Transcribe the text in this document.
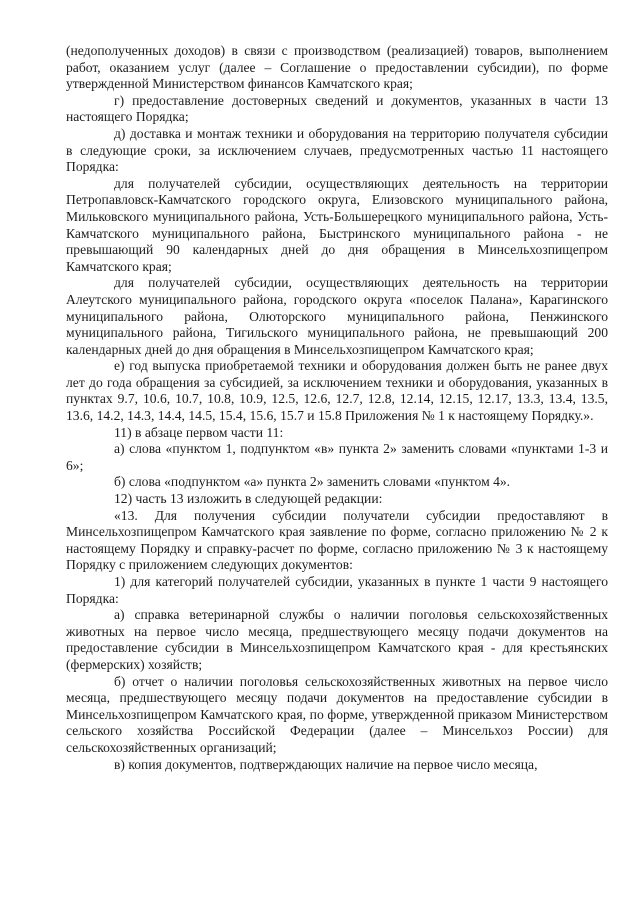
(недополученных доходов) в связи с производством (реализацией) товаров, выполнением работ, оказанием услуг (далее – Соглашение о предоставлении субсидии), по форме утвержденной Министерством финансов Камчатского края;

г) предоставление достоверных сведений и документов, указанных в части 13 настоящего Порядка;

д) доставка и монтаж техники и оборудования на территорию получателя субсидии в следующие сроки, за исключением случаев, предусмотренных частью 11 настоящего Порядка:

для получателей субсидии, осуществляющих деятельность на территории Петропавловск-Камчатского городского округа, Елизовского муниципального района, Мильковского муниципального района, Усть-Большерецкого муниципального района, Усть-Камчатского муниципального района, Быстринского муниципального района - не превышающий 90 календарных дней до дня обращения в Минсельхозпищепром Камчатского края;

для получателей субсидии, осуществляющих деятельность на территории Алеутского муниципального района, городского округа «поселок Палана», Карагинского муниципального района, Олюторского муниципального района, Пенжинского муниципального района, Тигильского муниципального района, не превышающий 200 календарных дней до дня обращения в Минсельхозпищепром Камчатского края;

е) год выпуска приобретаемой техники и оборудования должен быть не ранее двух лет до года обращения за субсидией, за исключением техники и оборудования, указанных в пунктах 9.7, 10.6, 10.7, 10.8, 10.9, 12.5, 12.6, 12.7, 12.8, 12.14, 12.15, 12.17, 13.3, 13.4, 13.5, 13.6, 14.2, 14.3, 14.4, 14.5, 15.4, 15.6, 15.7 и 15.8 Приложения № 1 к настоящему Порядку.».

11) в абзаце первом части 11:

а) слова «пунктом 1, подпунктом «в» пункта 2» заменить словами «пунктами 1-3 и 6»;

б) слова «подпунктом «а» пункта 2» заменить словами «пунктом 4».

12) часть 13 изложить в следующей редакции:

«13. Для получения субсидии получатели субсидии предоставляют в Минсельхозпищепром Камчатского края заявление по форме, согласно приложению № 2 к настоящему Порядку и справку-расчет по форме, согласно приложению № 3 к настоящему Порядку с приложением следующих документов:

1) для категорий получателей субсидии, указанных в пункте 1 части 9 настоящего Порядка:

а) справка ветеринарной службы о наличии поголовья сельскохозяйственных животных на первое число месяца, предшествующего месяцу подачи документов на предоставление субсидии в Минсельхозпищепром Камчатского края - для крестьянских (фермерских) хозяйств;

б) отчет о наличии поголовья сельскохозяйственных животных на первое число месяца, предшествующего месяцу подачи документов на предоставление субсидии в Минсельхозпищепром Камчатского края, по форме, утвержденной приказом Министерством сельского хозяйства Российской Федерации (далее – Минсельхоз России) для сельскохозяйственных организаций;

в) копия документов, подтверждающих наличие на первое число месяца,
